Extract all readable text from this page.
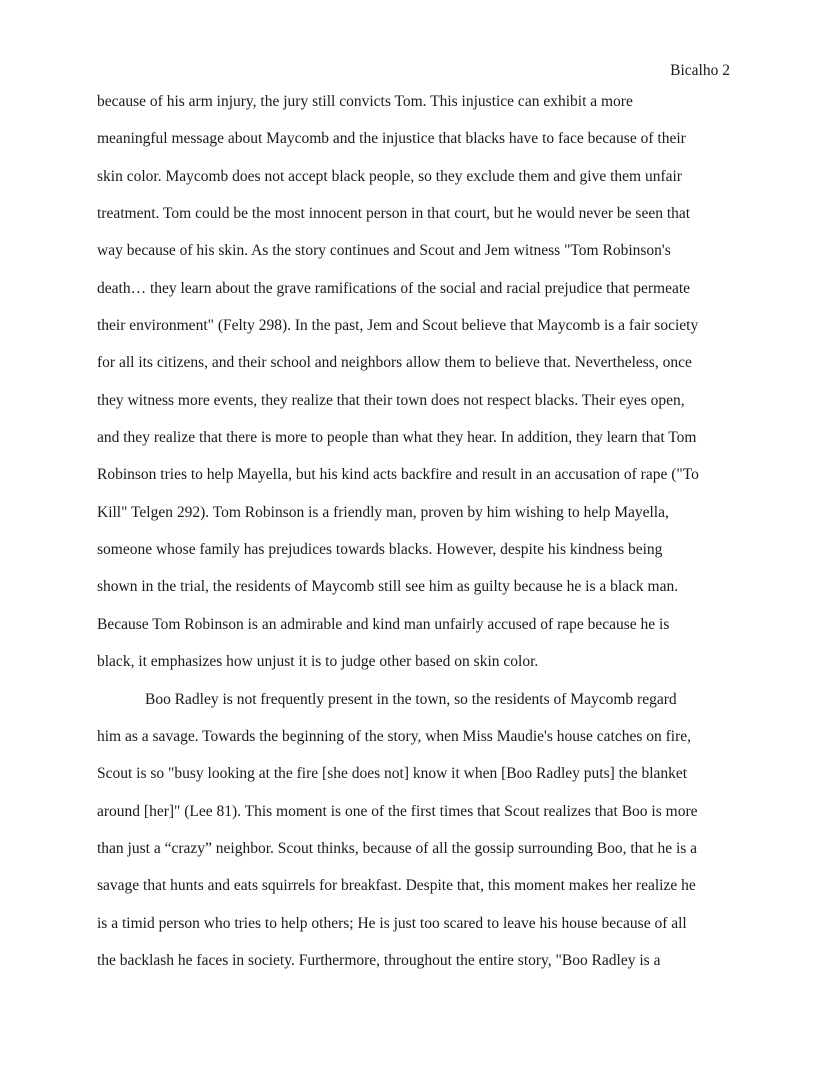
Bicalho 2
because of his arm injury, the jury still convicts Tom. This injustice can exhibit a more
meaningful message about Maycomb and the injustice that blacks have to face because of their
skin color. Maycomb does not accept black people, so they exclude them and give them unfair
treatment. Tom could be the most innocent person in that court, but he would never be seen that
way because of his skin. As the story continues and Scout and Jem witness "Tom Robinson's
death… they learn about the grave ramifications of the social and racial prejudice that permeate
their environment" (Felty 298). In the past, Jem and Scout believe that Maycomb is a fair society
for all its citizens, and their school and neighbors allow them to believe that. Nevertheless, once
they witness more events, they realize that their town does not respect blacks. Their eyes open,
and they realize that there is more to people than what they hear. In addition, they learn that Tom
Robinson tries to help Mayella, but his kind acts backfire and result in an accusation of rape ("To
Kill" Telgen 292). Tom Robinson is a friendly man, proven by him wishing to help Mayella,
someone whose family has prejudices towards blacks. However, despite his kindness being
shown in the trial, the residents of Maycomb still see him as guilty because he is a black man.
Because Tom Robinson is an admirable and kind man unfairly accused of rape because he is
black, it emphasizes how unjust it is to judge other based on skin color.
Boo Radley is not frequently present in the town, so the residents of Maycomb regard
him as a savage. Towards the beginning of the story, when Miss Maudie's house catches on fire,
Scout is so "busy looking at the fire [she does not] know it when [Boo Radley puts] the blanket
around [her]" (Lee 81). This moment is one of the first times that Scout realizes that Boo is more
than just a “crazy” neighbor. Scout thinks, because of all the gossip surrounding Boo, that he is a
savage that hunts and eats squirrels for breakfast. Despite that, this moment makes her realize he
is a timid person who tries to help others; He is just too scared to leave his house because of all
the backlash he faces in society. Furthermore, throughout the entire story, "Boo Radley is a
